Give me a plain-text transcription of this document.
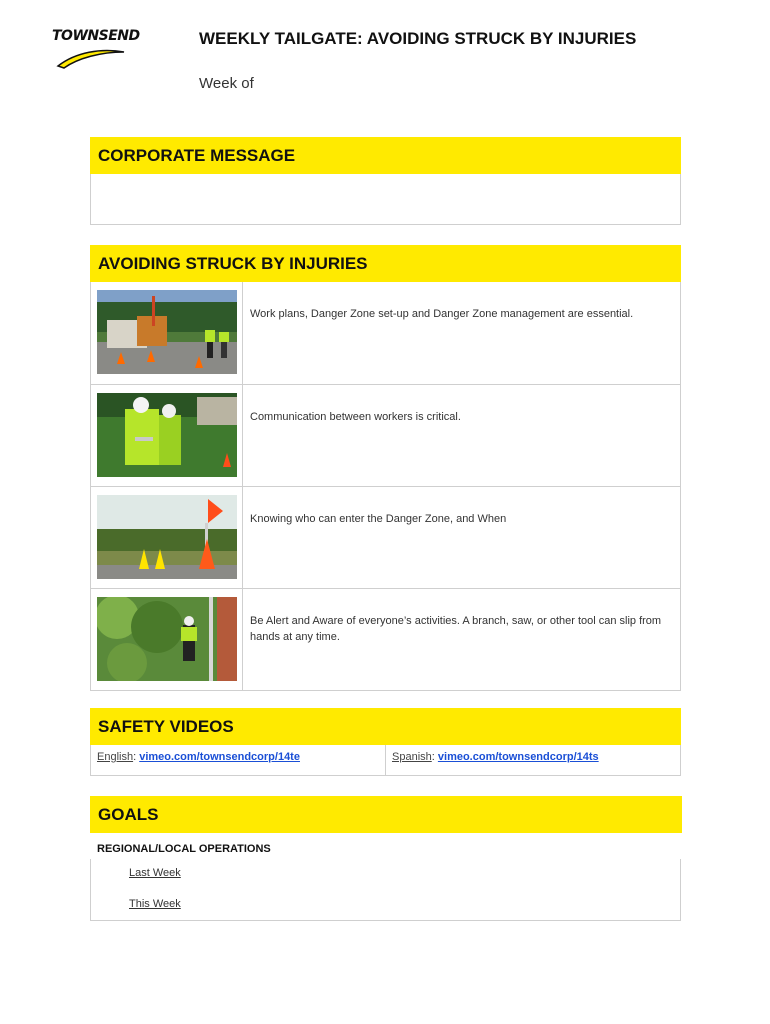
TOWNSEND	WEEKLY TAILGATE: AVOIDING STRUCK BY INJURIES
Week of
CORPORATE MESSAGE
AVOIDING STRUCK BY INJURIES
Work plans, Danger Zone set-up and Danger Zone management are essential.
Communication between workers is critical.
Knowing who can enter the Danger Zone, and When
Be Alert and Aware of everyone’s activities. A branch, saw, or other tool can slip from hands at any time.
SAFETY VIDEOS
English: vimeo.com/townsendcorp/14te	Spanish: vimeo.com/townsendcorp/14ts
GOALS
REGIONAL/LOCAL OPERATIONS
Last Week
This Week
